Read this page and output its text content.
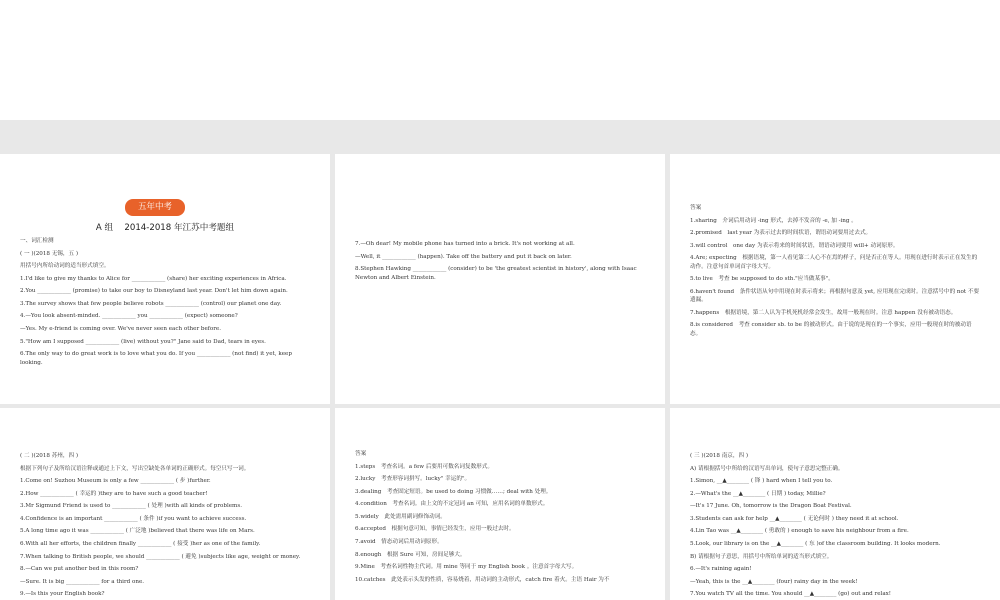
五年中考
A 组　 2014-2018 年江苏中考题组
一、词汇检测
( 一 )(2018 无锡，五 )
用括号内所给动词的适当形式填空。
1.I'd like to give my thanks to Alice for ____________ (share) her exciting experiences in Africa.
2.You ____________ (promise) to take our boy to Disneyland last year. Don't let him down again.
3.The survey shows that few people believe robots ____________ (control) our planet one day.
4.—You look absent-minded. ____________ you ____________ (expect) someone?
—Yes. My e-friend is coming over. We've never seen each other before.
5."How am I supposed ____________ (live) without you?" Jane said to Dad, tears in eyes.
6.The only way to do great work is to love what you do. If you ____________ (not find) it yet, keep looking.
7.—Oh dear! My mobile phone has turned into a brick. It's not working at all.
—Well, it ____________ (happen). Take off the battery and put it back on later.
8.Stephen Hawking ____________ (consider) to be 'the greatest scientist in history', along with Isaac Newton and Albert Einstein.
答案
1.sharing　介词后用动词 -ing 形式，去掉不发音的 -e, 加 -ing 。
2.promised　last year 为表示过去的时间状语，谓语动词要用过去式。
3.will control　one day 为表示将来的时间状语，谓语动词要用 will+ 动词原形。
4.Are; expecting　根据语境，第一人看见第二人心不在焉的样子，问是否正在等人。用现在进行时表示正在发生的动作。注意句首单词首字母大写。
5.to live　考查 be supposed to do sth."应当做某事"。
6.haven't found　条件状语从句中用现在时表示将来；再根据句意及 yet, 应用现在完成时。注意括号中的 not 不要遗漏。
7.happens　根据语境，第二人认为手机死机经常会发生，故用一般现在时。注意 happen 没有被动语态。
8.is considered　考查 consider sb. to be 的被动形式。由于说的是现在的一个事实，应用一般现在时的被动语态。
( 二 )(2018 苏州，四 )
根据下列句子及所给汉语注释或通过上下文，写出空缺处各单词的正确形式。每空只写一词。
1.Come on! Suzhou Museum is only a few ____________ ( 步 )further.
2.How ____________ ( 幸运的 )they are to have such a good teacher!
3.Mr Sigmund Friend is used to ____________ ( 处理 )with all kinds of problems.
4.Confidence is an important ____________ ( 条件 )if you want to achieve success.
5.A long time ago it was ____________ ( 广泛地 )believed that there was life on Mars.
6.With all her efforts, the children finally ____________ ( 接受 )her as one of the family.
7.When talking to British people, we should ____________ ( 避免 )subjects like age, weight or money.
8.—Can we put another bed in this room?
—Sure. It is big ____________ for a third one.
9.—Is this your English book?
答案
1.steps　考查名词。a few 后要用可数名词复数形式。
2.lucky　考查形容词拼写。lucky" 幸运的"。
3.dealing　考查固定短语。be used to doing 习惯做……; deal with 处理。
4.condition　考查名词。由上文的不定冠词 an 可知，应用名词的单数形式。
5.widely　此处需用副词修饰动词。
6.accepted　根据句意可知，事情已经发生，应用一般过去时。
7.avoid　情态动词后用动词原形。
8.enough　根据 Sure 可知，房间足够大。
9.Mine　考查名词性物主代词。用 mine 等同于 my English book 。注意首字母大写。
10.catches　此处表示头发的性质，容易烧着，用动词的主动形式，catch fire 着火。主语 Hair 为不
( 三 )(2018 南京，四 )
A) 请根据括号中所给的汉语写出单词，使句子意思完整正确。
1.Simon, __▲________ ( 锋 ) hard when I tell you to.
2.—What's the __▲________ ( 日期 ) today, Millie?
—It's 17 June. Oh, tomorrow is the Dragon Boat Festival.
3.Students can ask for help __▲________ ( 无论何时 ) they need it at school.
4.Lin Tao was __▲________ ( 勇敢的 ) enough to save his neighbour from a fire.
5.Look, our library is on the __▲________ ( 东 )of the classroom building. It looks modern.
B) 请根据句子意思，用括号中所给单词的适当形式填空。
6.—It's raining again!
—Yeah, this is the __▲________ (four) rainy day in the week!
7.You watch TV all the time. You should __▲________ (go) out and relax!
